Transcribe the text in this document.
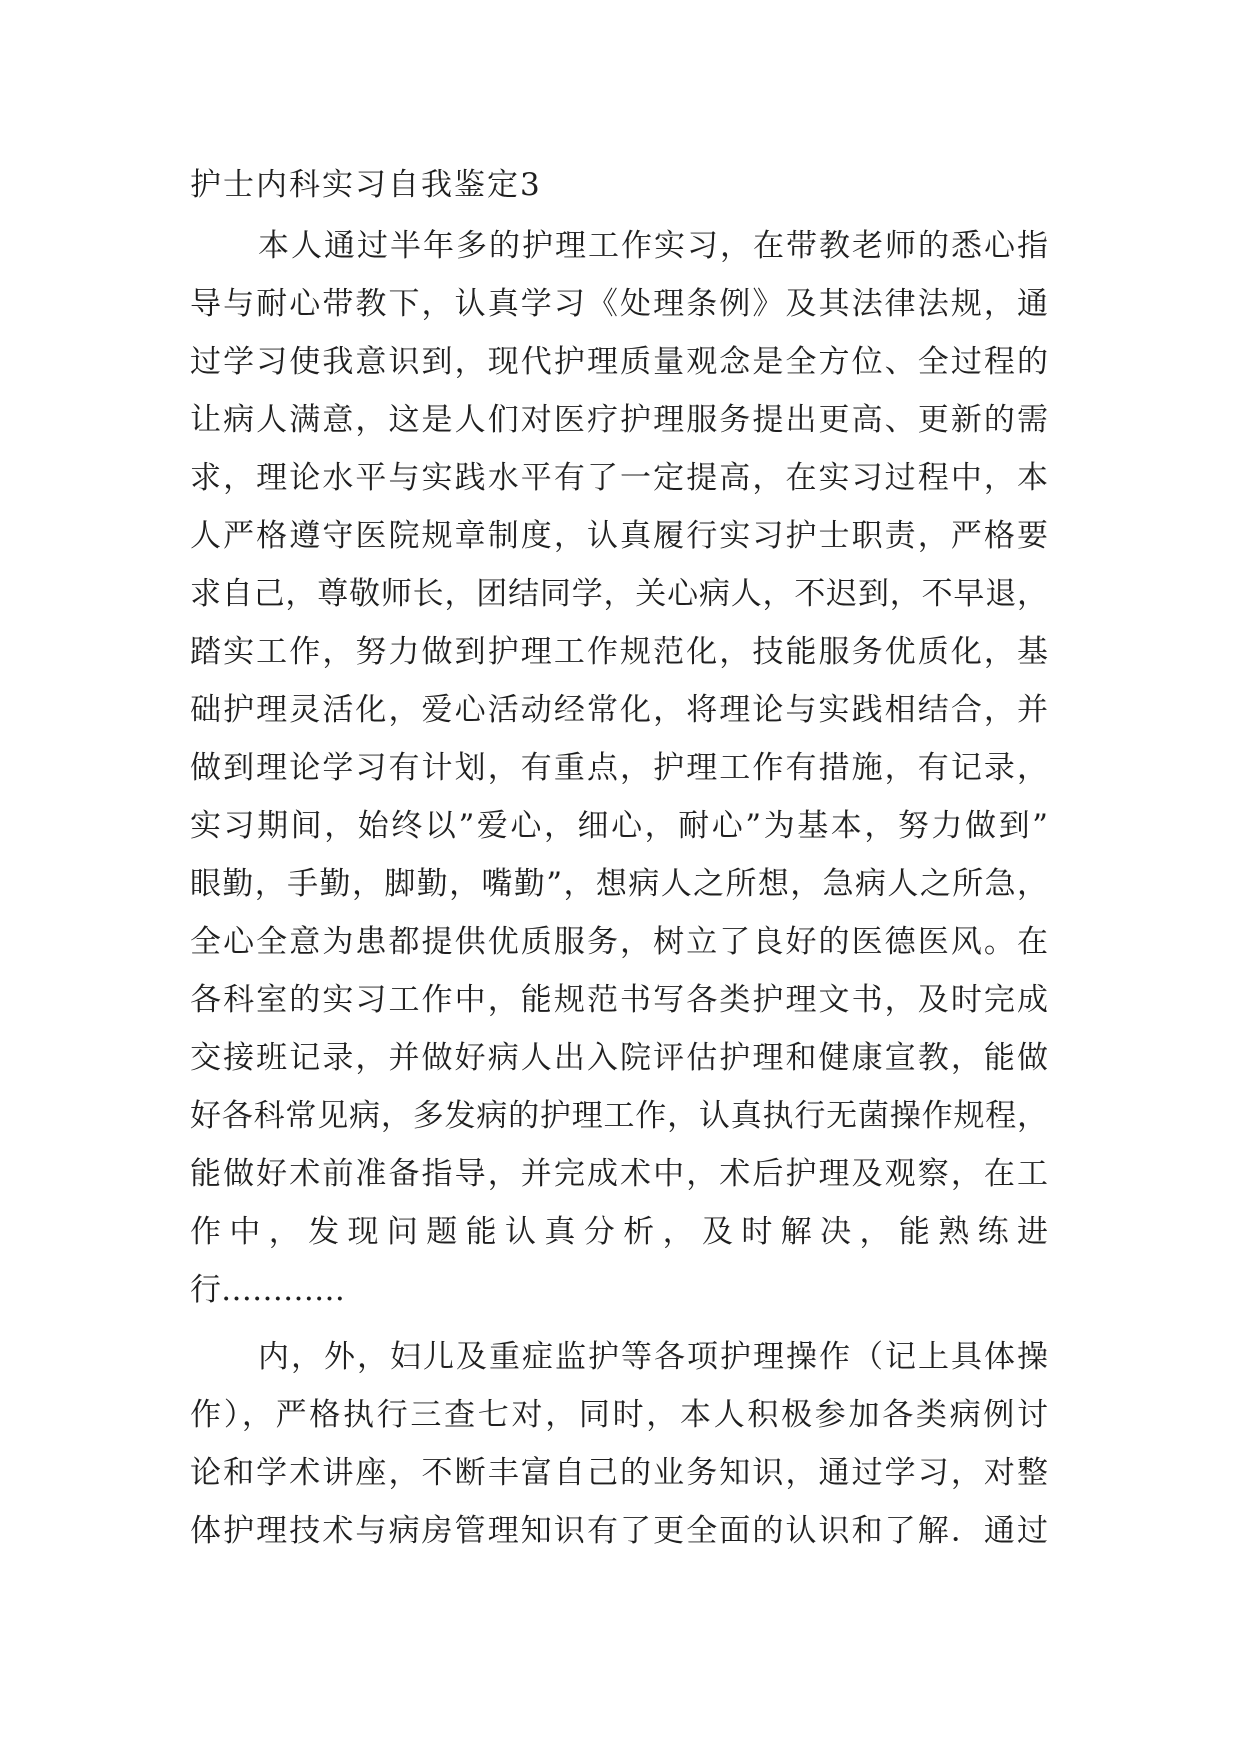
护士内科实习自我鉴定3
本人通过半年多的护理工作实习，在带教老师的悉心指
导与耐心带教下，认真学习《处理条例》及其法律法规，通
过学习使我意识到，现代护理质量观念是全方位、全过程的
让病人满意，这是人们对医疗护理服务提出更高、更新的需
求，理论水平与实践水平有了一定提高，在实习过程中，本
人严格遵守医院规章制度，认真履行实习护士职责，严格要
求自己，尊敬师长，团结同学，关心病人，不迟到，不早退，
踏实工作，努力做到护理工作规范化，技能服务优质化，基
础护理灵活化，爱心活动经常化，将理论与实践相结合，并
做到理论学习有计划，有重点，护理工作有措施，有记录，
实习期间，始终以”爱心，细心，耐心”为基本，努力做到”
眼勤，手勤，脚勤，嘴勤”，想病人之所想，急病人之所急，
全心全意为患都提供优质服务，树立了良好的医德医风。在
各科室的实习工作中，能规范书写各类护理文书，及时完成
交接班记录，并做好病人出入院评估护理和健康宣教，能做
好各科常见病，多发病的护理工作，认真执行无菌操作规程，
能做好术前准备指导，并完成术中，术后护理及观察，在工
作中，发现问题能认真分析，及时解决，能熟练进
行…………
内，外，妇儿及重症监护等各项护理操作（记上具体操
作），严格执行三查七对，同时，本人积极参加各类病例讨
论和学术讲座，不断丰富自己的业务知识，通过学习，对整
体护理技术与病房管理知识有了更全面的认识和了解．通过
